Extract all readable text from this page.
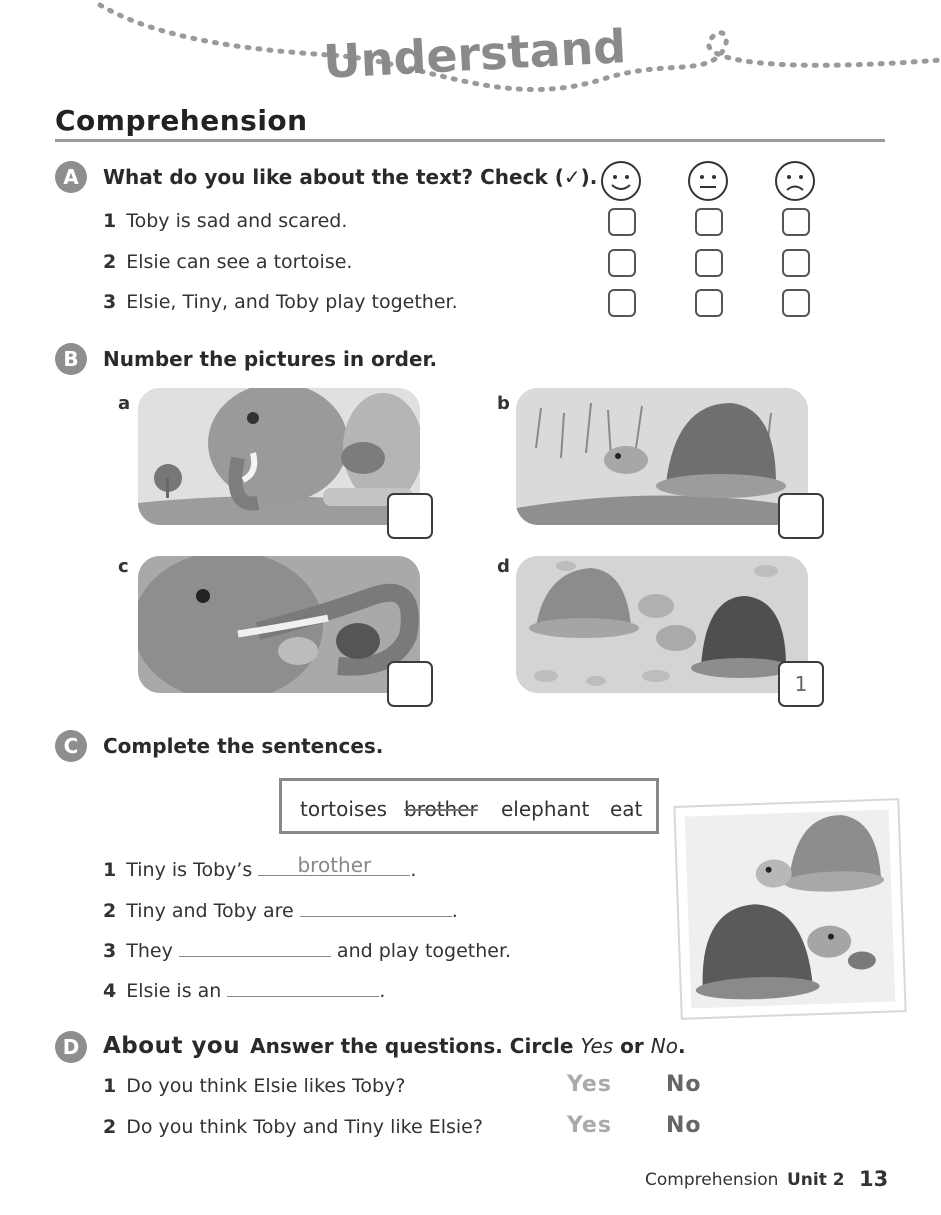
Understand
Comprehension
A	What do you like about the text? Check (✓).
1 Toby is sad and scared.
2 Elsie can see a tortoise.
3 Elsie, Tiny, and Toby play together.
B	Number the pictures in order.
a	b
c	d
1
C	Complete the sentences.
tortoises brother elephant eat
1 Tiny is Toby’s	brother	.
2 Tiny and Toby are	.
3 They	and play together.
4 Elsie is an	.
D	About you Answer the questions. Circle Yes or No.
1 Do you think Elsie likes Toby?	Yes No
2 Do you think Toby and Tiny like Elsie?	Yes No
Comprehension Unit 2 13
